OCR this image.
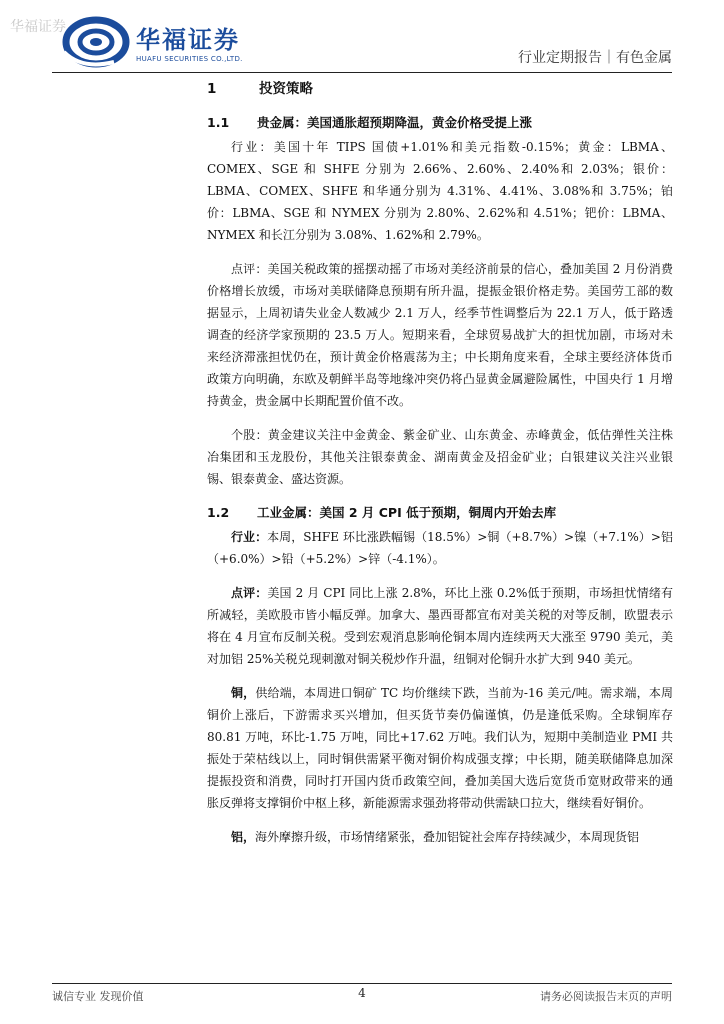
华福证券	华福证券
HUAFU SECURITIES CO.,LTD.	行业定期报告｜有色金属
1	投资策略
1.1	贵金属：美国通胀超预期降温，黄金价格受提上涨

行业：美国十年 TIPS 国债+1.01%和美元指数-0.15%；黄金：LBMA、COMEX、SGE 和 SHFE 分别为 2.66%、2.60%、2.40%和 2.03%；银价：LBMA、COMEX、SHFE 和华通分别为 4.31%、4.41%、3.08%和 3.75%；铂价：LBMA、SGE 和 NYMEX 分别为 2.80%、2.62%和 4.51%；钯价：LBMA、NYMEX 和长江分别为 3.08%、1.62%和 2.79%。

点评：美国关税政策的摇摆动摇了市场对美经济前景的信心，叠加美国 2 月份消费价格增长放缓，市场对美联储降息预期有所升温，提振金银价格走势。美国劳工部的数据显示，上周初请失业金人数减少 2.1 万人，经季节性调整后为 22.1 万人，低于路透调查的经济学家预期的 23.5 万人。短期来看，全球贸易战扩大的担忧加剧，市场对未来经济滞涨担忧仍在，预计黄金价格震荡为主；中长期角度来看，全球主要经济体货币政策方向明确，东欧及朝鲜半岛等地缘冲突仍将凸显黄金属避险属性，中国央行 1 月增持黄金，贵金属中长期配置价值不改。

个股：黄金建议关注中金黄金、紫金矿业、山东黄金、赤峰黄金，低估弹性关注株冶集团和玉龙股份，其他关注银泰黄金、湖南黄金及招金矿业；白银建议关注兴业银锡、银泰黄金、盛达资源。

1.2	工业金属：美国 2 月 CPI 低于预期，铜周内开始去库

行业：本周，SHFE 环比涨跌幅锡（18.5%）>铜（+8.7%）>镍（+7.1%）>铝（+6.0%）>铅（+5.2%）>锌（-4.1%）。

点评：美国 2 月 CPI 同比上涨 2.8%，环比上涨 0.2%低于预期，市场担忧情绪有所减轻，美欧股市皆小幅反弹。加拿大、墨西哥都宣布对美关税的对等反制，欧盟表示将在 4 月宣布反制关税。受到宏观消息影响伦铜本周内连续两天大涨至 9790 美元，美对加铝 25%关税兑现刺激对铜关税炒作升温，纽铜对伦铜升水扩大到 940 美元。

铜，供给端，本周进口铜矿 TC 均价继续下跌，当前为-16 美元/吨。需求端，本周铜价上涨后，下游需求买兴增加，但买货节奏仍偏谨慎，仍是逢低采购。全球铜库存 80.81 万吨，环比-1.75 万吨，同比+17.62 万吨。我们认为，短期中美制造业 PMI 共振处于荣枯线以上，同时铜供需紧平衡对铜价构成强支撑；中长期，随美联储降息加深提振投资和消费，同时打开国内货币政策空间，叠加美国大选后宽货币宽财政带来的通胀反弹将支撑铜价中枢上移，新能源需求强劲将带动供需缺口拉大，继续看好铜价。

铝，海外摩擦升级，市场情绪紧张，叠加铝锭社会库存持续减少，本周现货铝

诚信专业 发现价值	4	请务必阅读报告末页的声明
